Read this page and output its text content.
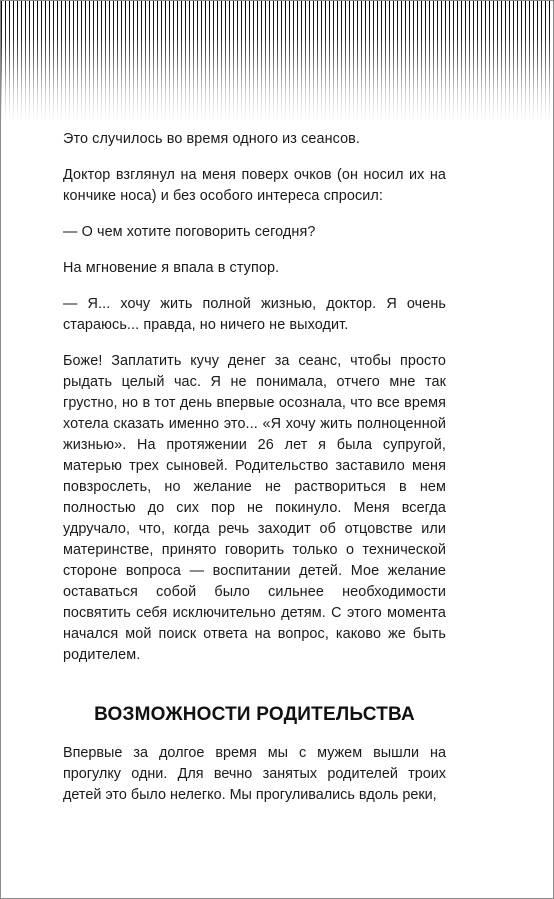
Это случилось во время одного из сеансов.

Доктор взглянул на меня поверх очков (он носил их на кончике носа) и без особого интереса спросил:

— О чем хотите поговорить сегодня?

На мгновение я впала в ступор.

— Я... хочу жить полной жизнью, доктор. Я очень стараюсь... правда, но ничего не выходит.

Боже! Заплатить кучу денег за сеанс, чтобы просто рыдать целый час. Я не понимала, отчего мне так грустно, но в тот день впервые осознала, что все время хотела сказать именно это... «Я хочу жить полноценной жизнью». На протяжении 26 лет я была супругой, матерью трех сыновей. Родительство заставило меня повзрослеть, но желание не раствориться в нем полностью до сих пор не покинуло. Меня всегда удручало, что, когда речь заходит об отцовстве или материнстве, принято говорить только о технической стороне вопроса — воспитании детей. Мое желание оставаться собой было сильнее необходимости посвятить себя исключительно детям. С этого момента начался мой поиск ответа на вопрос, каково же быть родителем.

ВОЗМОЖНОСТИ РОДИТЕЛЬСТВА

Впервые за долгое время мы с мужем вышли на прогулку одни. Для вечно занятых родителей троих детей это было нелегко. Мы прогуливались вдоль реки,
